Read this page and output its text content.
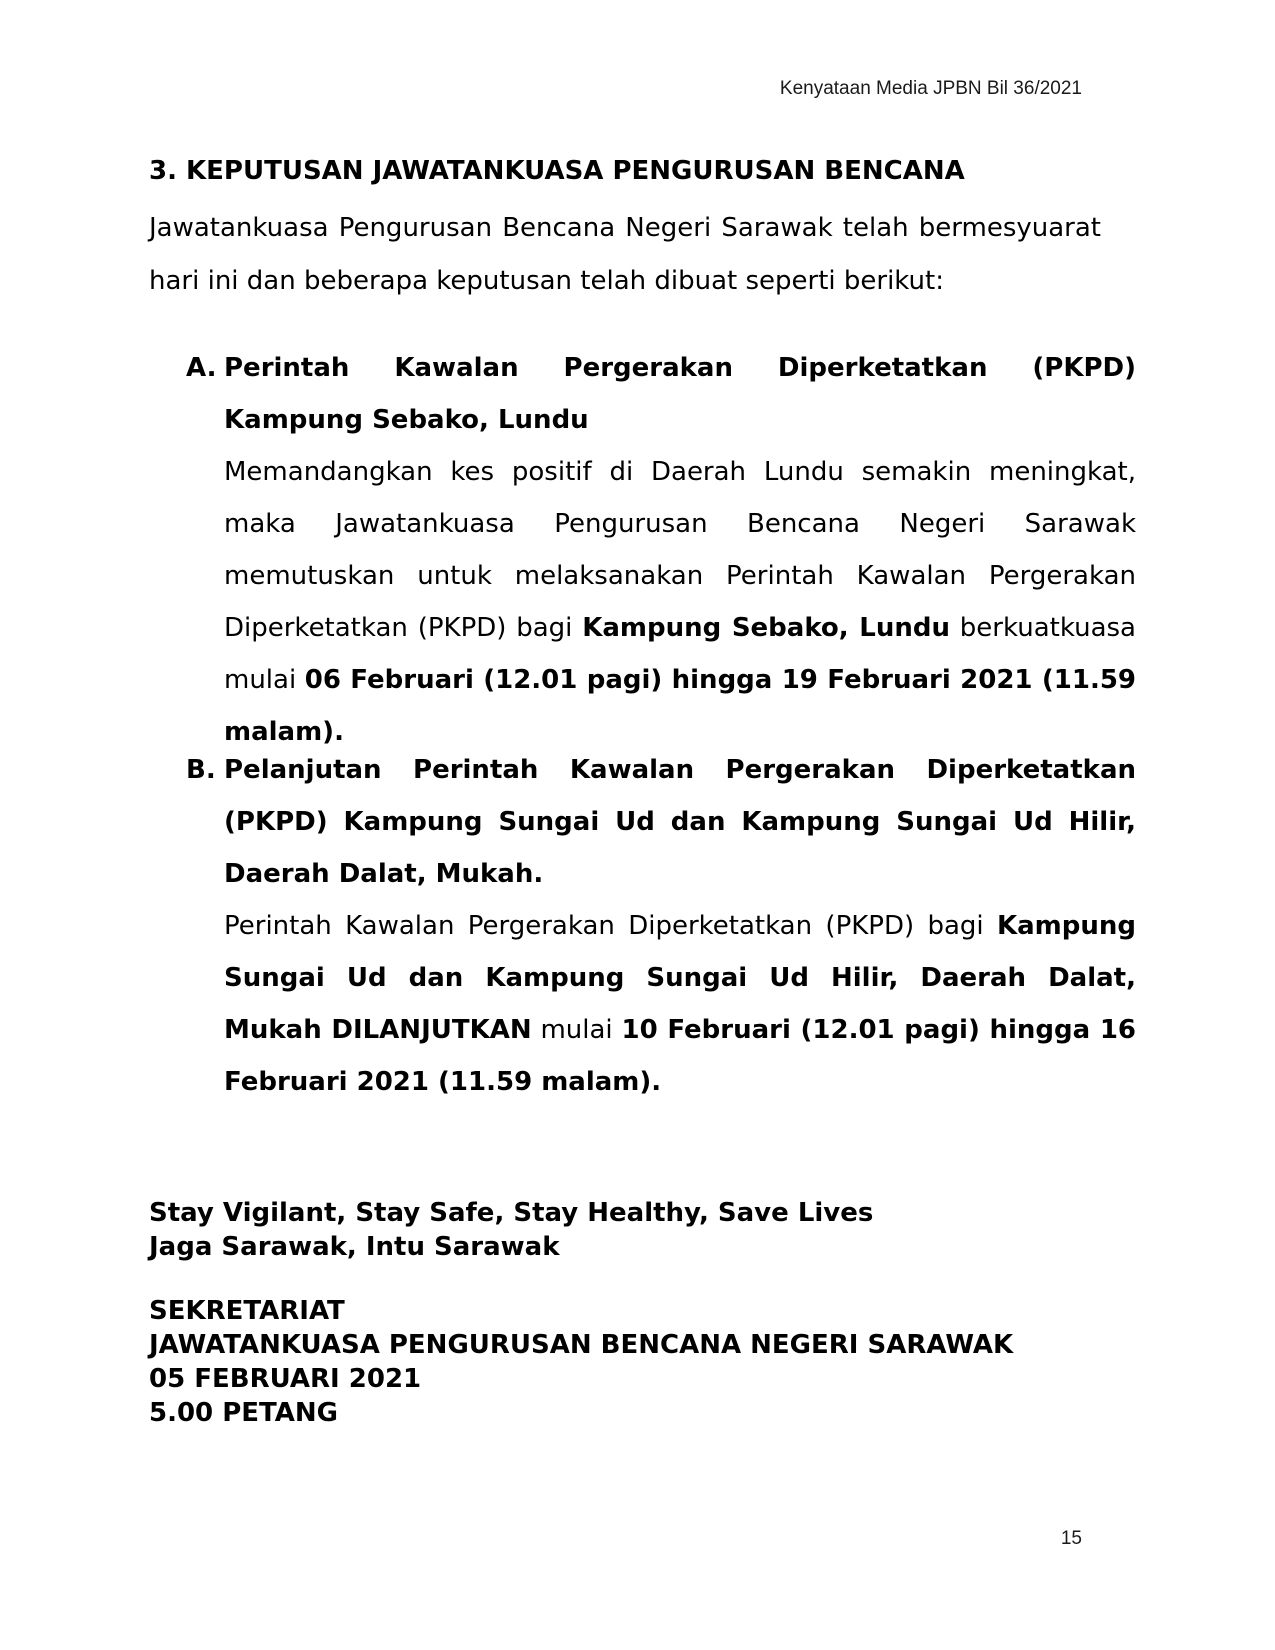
Kenyataan Media JPBN Bil 36/2021
3. KEPUTUSAN JAWATANKUASA PENGURUSAN BENCANA
Jawatankuasa Pengurusan Bencana Negeri Sarawak telah bermesyuarat hari ini dan beberapa keputusan telah dibuat seperti berikut:
A. Perintah Kawalan Pergerakan Diperketatkan (PKPD) Kampung Sebako, Lundu
Memandangkan kes positif di Daerah Lundu semakin meningkat, maka Jawatankuasa Pengurusan Bencana Negeri Sarawak memutuskan untuk melaksanakan Perintah Kawalan Pergerakan Diperketatkan (PKPD) bagi Kampung Sebako, Lundu berkuatkuasa mulai 06 Februari (12.01 pagi) hingga 19 Februari 2021 (11.59 malam).
B. Pelanjutan Perintah Kawalan Pergerakan Diperketatkan (PKPD) Kampung Sungai Ud dan Kampung Sungai Ud Hilir, Daerah Dalat, Mukah.
Perintah Kawalan Pergerakan Diperketatkan (PKPD) bagi Kampung Sungai Ud dan Kampung Sungai Ud Hilir, Daerah Dalat, Mukah DILANJUTKAN mulai 10 Februari (12.01 pagi) hingga 16 Februari 2021 (11.59 malam).
Stay Vigilant, Stay Safe, Stay Healthy, Save Lives
Jaga Sarawak, Intu Sarawak
SEKRETARIAT
JAWATANKUASA PENGURUSAN BENCANA NEGERI SARAWAK
05 FEBRUARI 2021
5.00 PETANG
15
